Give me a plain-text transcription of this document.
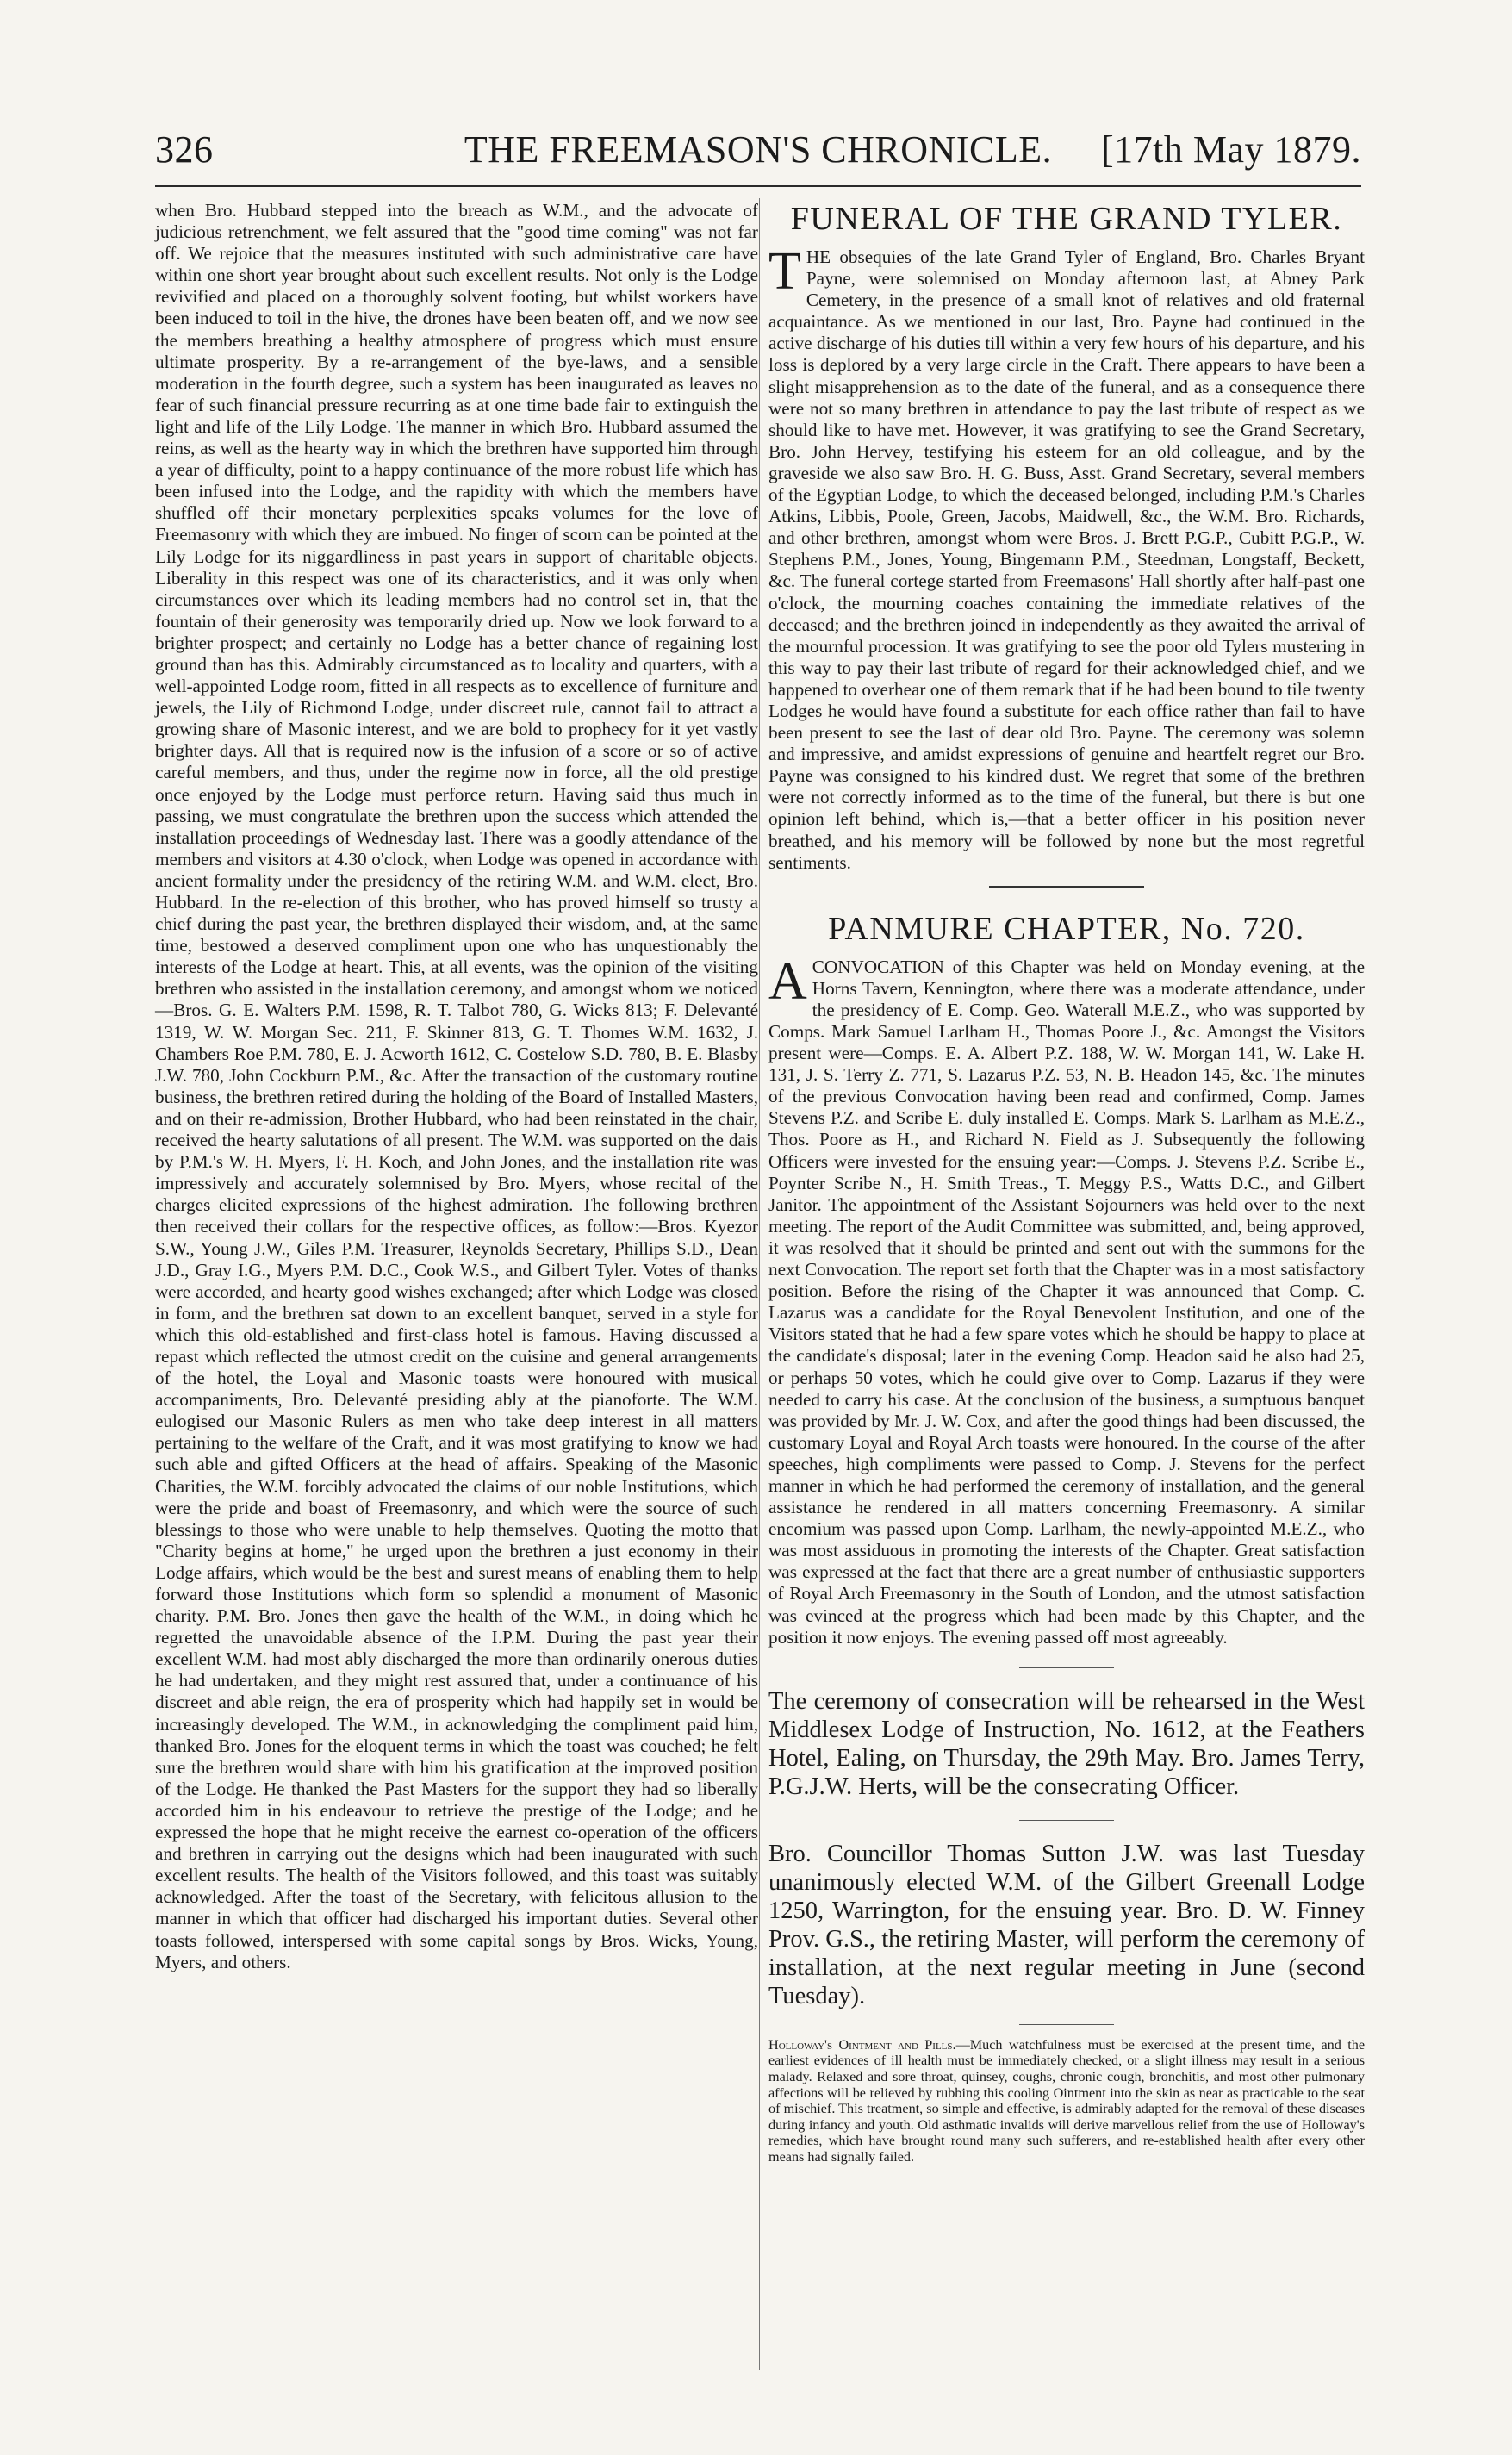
326	THE FREEMASON'S CHRONICLE.	[17th May 1879.

when Bro. Hubbard stepped into the breach as W.M., and the advocate of judicious retrenchment, we felt assured that the "good time coming" was not far off. We rejoice that the measures instituted with such administrative care have within one short year brought about such excellent results. Not only is the Lodge revivified and placed on a thoroughly solvent footing, but whilst workers have been induced to toil in the hive, the drones have been beaten off, and we now see the members breathing a healthy atmosphere of progress which must ensure ultimate prosperity. By a re-arrangement of the bye-laws, and a sensible moderation in the fourth degree, such a system has been inaugurated as leaves no fear of such financial pressure recurring as at one time bade fair to extinguish the light and life of the Lily Lodge. The manner in which Bro. Hubbard assumed the reins, as well as the hearty way in which the brethren have supported him through a year of difficulty, point to a happy continuance of the more robust life which has been infused into the Lodge, and the rapidity with which the members have shuffled off their monetary perplexities speaks volumes for the love of Freemasonry with which they are imbued. No finger of scorn can be pointed at the Lily Lodge for its niggardliness in past years in support of charitable objects. Liberality in this respect was one of its characteristics, and it was only when circumstances over which its leading members had no control set in, that the fountain of their generosity was temporarily dried up. Now we look forward to a brighter prospect; and certainly no Lodge has a better chance of regaining lost ground than has this. Admirably circumstanced as to locality and quarters, with a well-appointed Lodge room, fitted in all respects as to excellence of furniture and jewels, the Lily of Richmond Lodge, under discreet rule, cannot fail to attract a growing share of Masonic interest, and we are bold to prophecy for it yet vastly brighter days. All that is required now is the infusion of a score or so of active careful members, and thus, under the regime now in force, all the old prestige once enjoyed by the Lodge must perforce return. Having said thus much in passing, we must congratulate the brethren upon the success which attended the installation proceedings of Wednesday last. There was a goodly attendance of the members and visitors at 4.30 o'clock, when Lodge was opened in accordance with ancient formality under the presidency of the retiring W.M. and W.M. elect, Bro. Hubbard. In the re-election of this brother, who has proved himself so trusty a chief during the past year, the brethren displayed their wisdom, and, at the same time, bestowed a deserved compliment upon one who has unquestionably the interests of the Lodge at heart. This, at all events, was the opinion of the visiting brethren who assisted in the installation ceremony, and amongst whom we noticed—Bros. G. E. Walters P.M. 1598, R. T. Talbot 780, G. Wicks 813; F. Delevanté 1319, W. W. Morgan Sec. 211, F. Skinner 813, G. T. Thomes W.M. 1632, J. Chambers Roe P.M. 780, E. J. Acworth 1612, C. Costelow S.D. 780, B. E. Blasby J.W. 780, John Cockburn P.M., &c. After the transaction of the customary routine business, the brethren retired during the holding of the Board of Installed Masters, and on their re-admission, Brother Hubbard, who had been reinstated in the chair, received the hearty salutations of all present. The W.M. was supported on the dais by P.M.'s W. H. Myers, F. H. Koch, and John Jones, and the installation rite was impressively and accurately solemnised by Bro. Myers, whose recital of the charges elicited expressions of the highest admiration. The following brethren then received their collars for the respective offices, as follow:—Bros. Kyezor S.W., Young J.W., Giles P.M. Treasurer, Reynolds Secretary, Phillips S.D., Dean J.D., Gray I.G., Myers P.M. D.C., Cook W.S., and Gilbert Tyler. Votes of thanks were accorded, and hearty good wishes exchanged; after which Lodge was closed in form, and the brethren sat down to an excellent banquet, served in a style for which this old-established and first-class hotel is famous. Having discussed a repast which reflected the utmost credit on the cuisine and general arrangements of the hotel, the Loyal and Masonic toasts were honoured with musical accompaniments, Bro. Delevanté presiding ably at the pianoforte. The W.M. eulogised our Masonic Rulers as men who take deep interest in all matters pertaining to the welfare of the Craft, and it was most gratifying to know we had such able and gifted Officers at the head of affairs. Speaking of the Masonic Charities, the W.M. forcibly advocated the claims of our noble Institutions, which were the pride and boast of Freemasonry, and which were the source of such blessings to those who were unable to help themselves. Quoting the motto that "Charity begins at home," he urged upon the brethren a just economy in their Lodge affairs, which would be the best and surest means of enabling them to help forward those Institutions which form so splendid a monument of Masonic charity. P.M. Bro. Jones then gave the health of the W.M., in doing which he regretted the unavoidable absence of the I.P.M. During the past year their excellent W.M. had most ably discharged the more than ordinarily onerous duties he had undertaken, and they might rest assured that, under a continuance of his discreet and able reign, the era of prosperity which had happily set in would be increasingly developed. The W.M., in acknowledging the compliment paid him, thanked Bro. Jones for the eloquent terms in which the toast was couched; he felt sure the brethren would share with him his gratification at the improved position of the Lodge. He thanked the Past Masters for the support they had so liberally accorded him in his endeavour to retrieve the prestige of the Lodge; and he expressed the hope that he might receive the earnest co-operation of the officers and brethren in carrying out the designs which had been inaugurated with such excellent results. The health of the Visitors followed, and this toast was suitably acknowledged. After the toast of the Secretary, with felicitous allusion to the manner in which that officer had discharged his important duties. Several other toasts followed, interspersed with some capital songs by Bros. Wicks, Young, Myers, and others.

FUNERAL OF THE GRAND TYLER.

THE obsequies of the late Grand Tyler of England, Bro. Charles Bryant Payne, were solemnised on Monday afternoon last, at Abney Park Cemetery, in the presence of a small knot of relatives and old fraternal acquaintance. As we mentioned in our last, Bro. Payne had continued in the active discharge of his duties till within a very few hours of his departure, and his loss is deplored by a very large circle in the Craft. There appears to have been a slight misapprehension as to the date of the funeral, and as a consequence there were not so many brethren in attendance to pay the last tribute of respect as we should like to have met. However, it was gratifying to see the Grand Secretary, Bro. John Hervey, testifying his esteem for an old colleague, and by the graveside we also saw Bro. H. G. Buss, Asst. Grand Secretary, several members of the Egyptian Lodge, to which the deceased belonged, including P.M.'s Charles Atkins, Libbis, Poole, Green, Jacobs, Maidwell, &c., the W.M. Bro. Richards, and other brethren, amongst whom were Bros. J. Brett P.G.P., Cubitt P.G.P., W. Stephens P.M., Jones, Young, Bingemann P.M., Steedman, Longstaff, Beckett, &c. The funeral cortege started from Freemasons' Hall shortly after half-past one o'clock, the mourning coaches containing the immediate relatives of the deceased; and the brethren joined in independently as they awaited the arrival of the mournful procession. It was gratifying to see the poor old Tylers mustering in this way to pay their last tribute of regard for their acknowledged chief, and we happened to overhear one of them remark that if he had been bound to tile twenty Lodges he would have found a substitute for each office rather than fail to have been present to see the last of dear old Bro. Payne. The ceremony was solemn and impressive, and amidst expressions of genuine and heartfelt regret our Bro. Payne was consigned to his kindred dust. We regret that some of the brethren were not correctly informed as to the time of the funeral, but there is but one opinion left behind, which is,—that a better officer in his position never breathed, and his memory will be followed by none but the most regretful sentiments.

PANMURE CHAPTER, No. 720.

ACONVOCATION of this Chapter was held on Monday evening, at the Horns Tavern, Kennington, where there was a moderate attendance, under the presidency of E. Comp. Geo. Waterall M.E.Z., who was supported by Comps. Mark Samuel Larlham H., Thomas Poore J., &c. Amongst the Visitors present were—Comps. E. A. Albert P.Z. 188, W. W. Morgan 141, W. Lake H. 131, J. S. Terry Z. 771, S. Lazarus P.Z. 53, N. B. Headon 145, &c. The minutes of the previous Convocation having been read and confirmed, Comp. James Stevens P.Z. and Scribe E. duly installed E. Comps. Mark S. Larlham as M.E.Z., Thos. Poore as H., and Richard N. Field as J. Subsequently the following Officers were invested for the ensuing year:—Comps. J. Stevens P.Z. Scribe E., Poynter Scribe N., H. Smith Treas., T. Meggy P.S., Watts D.C., and Gilbert Janitor. The appointment of the Assistant Sojourners was held over to the next meeting. The report of the Audit Committee was submitted, and, being approved, it was resolved that it should be printed and sent out with the summons for the next Convocation. The report set forth that the Chapter was in a most satisfactory position. Before the rising of the Chapter it was announced that Comp. C. Lazarus was a candidate for the Royal Benevolent Institution, and one of the Visitors stated that he had a few spare votes which he should be happy to place at the candidate's disposal; later in the evening Comp. Headon said he also had 25, or perhaps 50 votes, which he could give over to Comp. Lazarus if they were needed to carry his case. At the conclusion of the business, a sumptuous banquet was provided by Mr. J. W. Cox, and after the good things had been discussed, the customary Loyal and Royal Arch toasts were honoured. In the course of the after speeches, high compliments were passed to Comp. J. Stevens for the perfect manner in which he had performed the ceremony of installation, and the general assistance he rendered in all matters concerning Freemasonry. A similar encomium was passed upon Comp. Larlham, the newly-appointed M.E.Z., who was most assiduous in promoting the interests of the Chapter. Great satisfaction was expressed at the fact that there are a great number of enthusiastic supporters of Royal Arch Freemasonry in the South of London, and the utmost satisfaction was evinced at the progress which had been made by this Chapter, and the position it now enjoys. The evening passed off most agreeably.

The ceremony of consecration will be rehearsed in the West Middlesex Lodge of Instruction, No. 1612, at the Feathers Hotel, Ealing, on Thursday, the 29th May. Bro. James Terry, P.G.J.W. Herts, will be the consecrating Officer.

Bro. Councillor Thomas Sutton J.W. was last Tuesday unanimously elected W.M. of the Gilbert Greenall Lodge 1250, Warrington, for the ensuing year. Bro. D. W. Finney Prov. G.S., the retiring Master, will perform the ceremony of installation, at the next regular meeting in June (second Tuesday).

Holloway's Ointment and Pills.—Much watchfulness must be exercised at the present time, and the earliest evidences of ill health must be immediately checked, or a slight illness may result in a serious malady. Relaxed and sore throat, quinsey, coughs, chronic cough, bronchitis, and most other pulmonary affections will be relieved by rubbing this cooling Ointment into the skin as near as practicable to the seat of mischief. This treatment, so simple and effective, is admirably adapted for the removal of these diseases during infancy and youth. Old asthmatic invalids will derive marvellous relief from the use of Holloway's remedies, which have brought round many such sufferers, and re-established health after every other means had signally failed.
